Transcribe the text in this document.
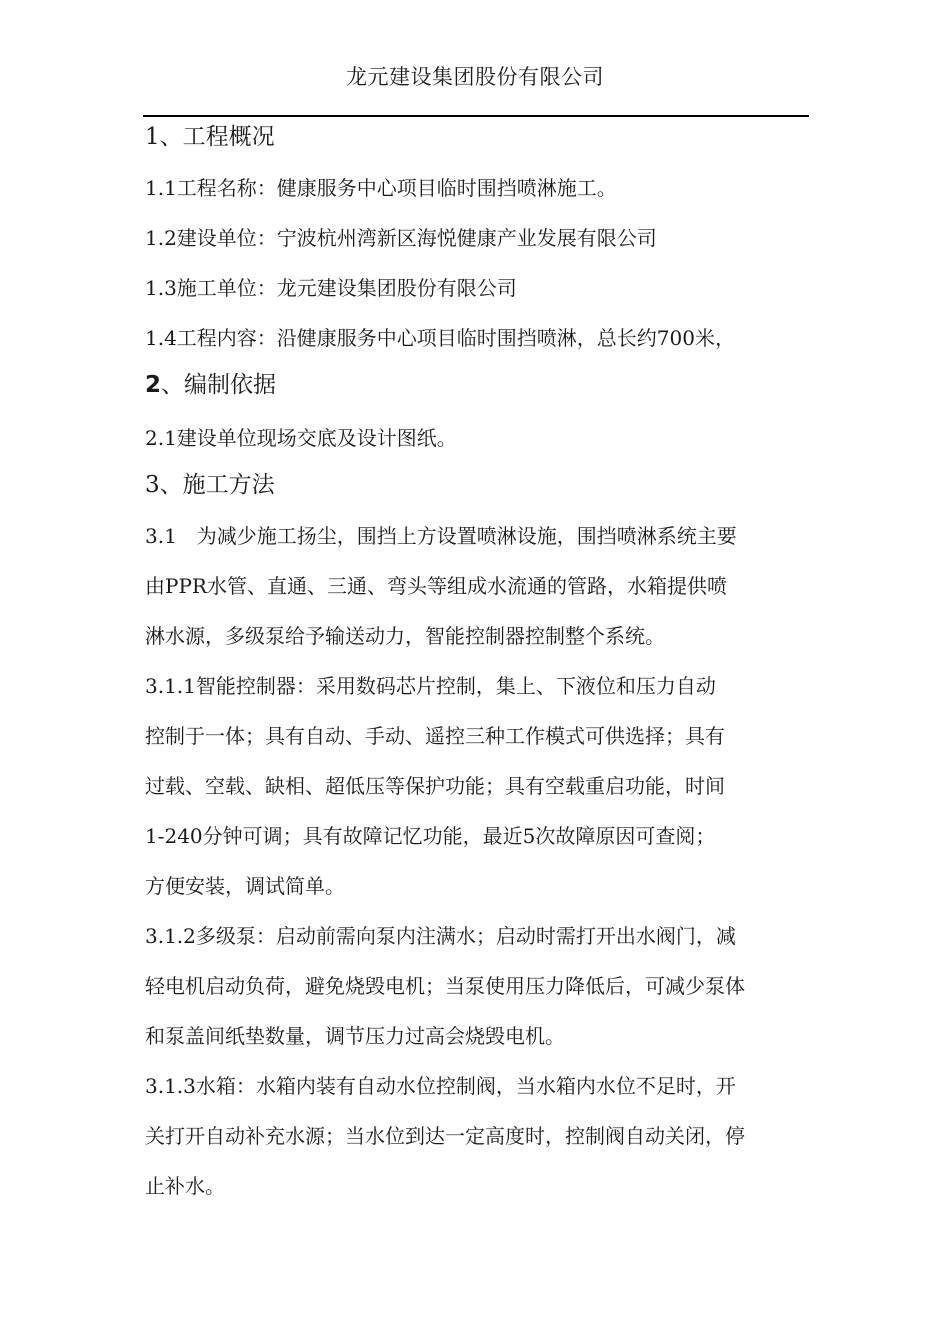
龙元建设集团股份有限公司
1、工程概况
1.1工程名称：健康服务中心项目临时围挡喷淋施工。
1.2建设单位：宁波杭州湾新区海悦健康产业发展有限公司
1.3施工单位：龙元建设集团股份有限公司
1.4工程内容：沿健康服务中心项目临时围挡喷淋，总长约700米，
2、编制依据
2.1建设单位现场交底及设计图纸。
3、施工方法
3.1　为减少施工扬尘，围挡上方设置喷淋设施，围挡喷淋系统主要
由PPR水管、直通、三通、弯头等组成水流通的管路，水箱提供喷
淋水源，多级泵给予输送动力，智能控制器控制整个系统。
3.1.1智能控制器：采用数码芯片控制，集上、下液位和压力自动
控制于一体；具有自动、手动、遥控三种工作模式可供选择；具有
过载、空载、缺相、超低压等保护功能；具有空载重启功能，时间
1-240分钟可调；具有故障记忆功能，最近5次故障原因可查阅；
方便安装，调试简单。
3.1.2多级泵：启动前需向泵内注满水；启动时需打开出水阀门，减
轻电机启动负荷，避免烧毁电机；当泵使用压力降低后，可减少泵体
和泵盖间纸垫数量，调节压力过高会烧毁电机。
3.1.3水箱：水箱内装有自动水位控制阀，当水箱内水位不足时，开
关打开自动补充水源；当水位到达一定高度时，控制阀自动关闭，停
止补水。
